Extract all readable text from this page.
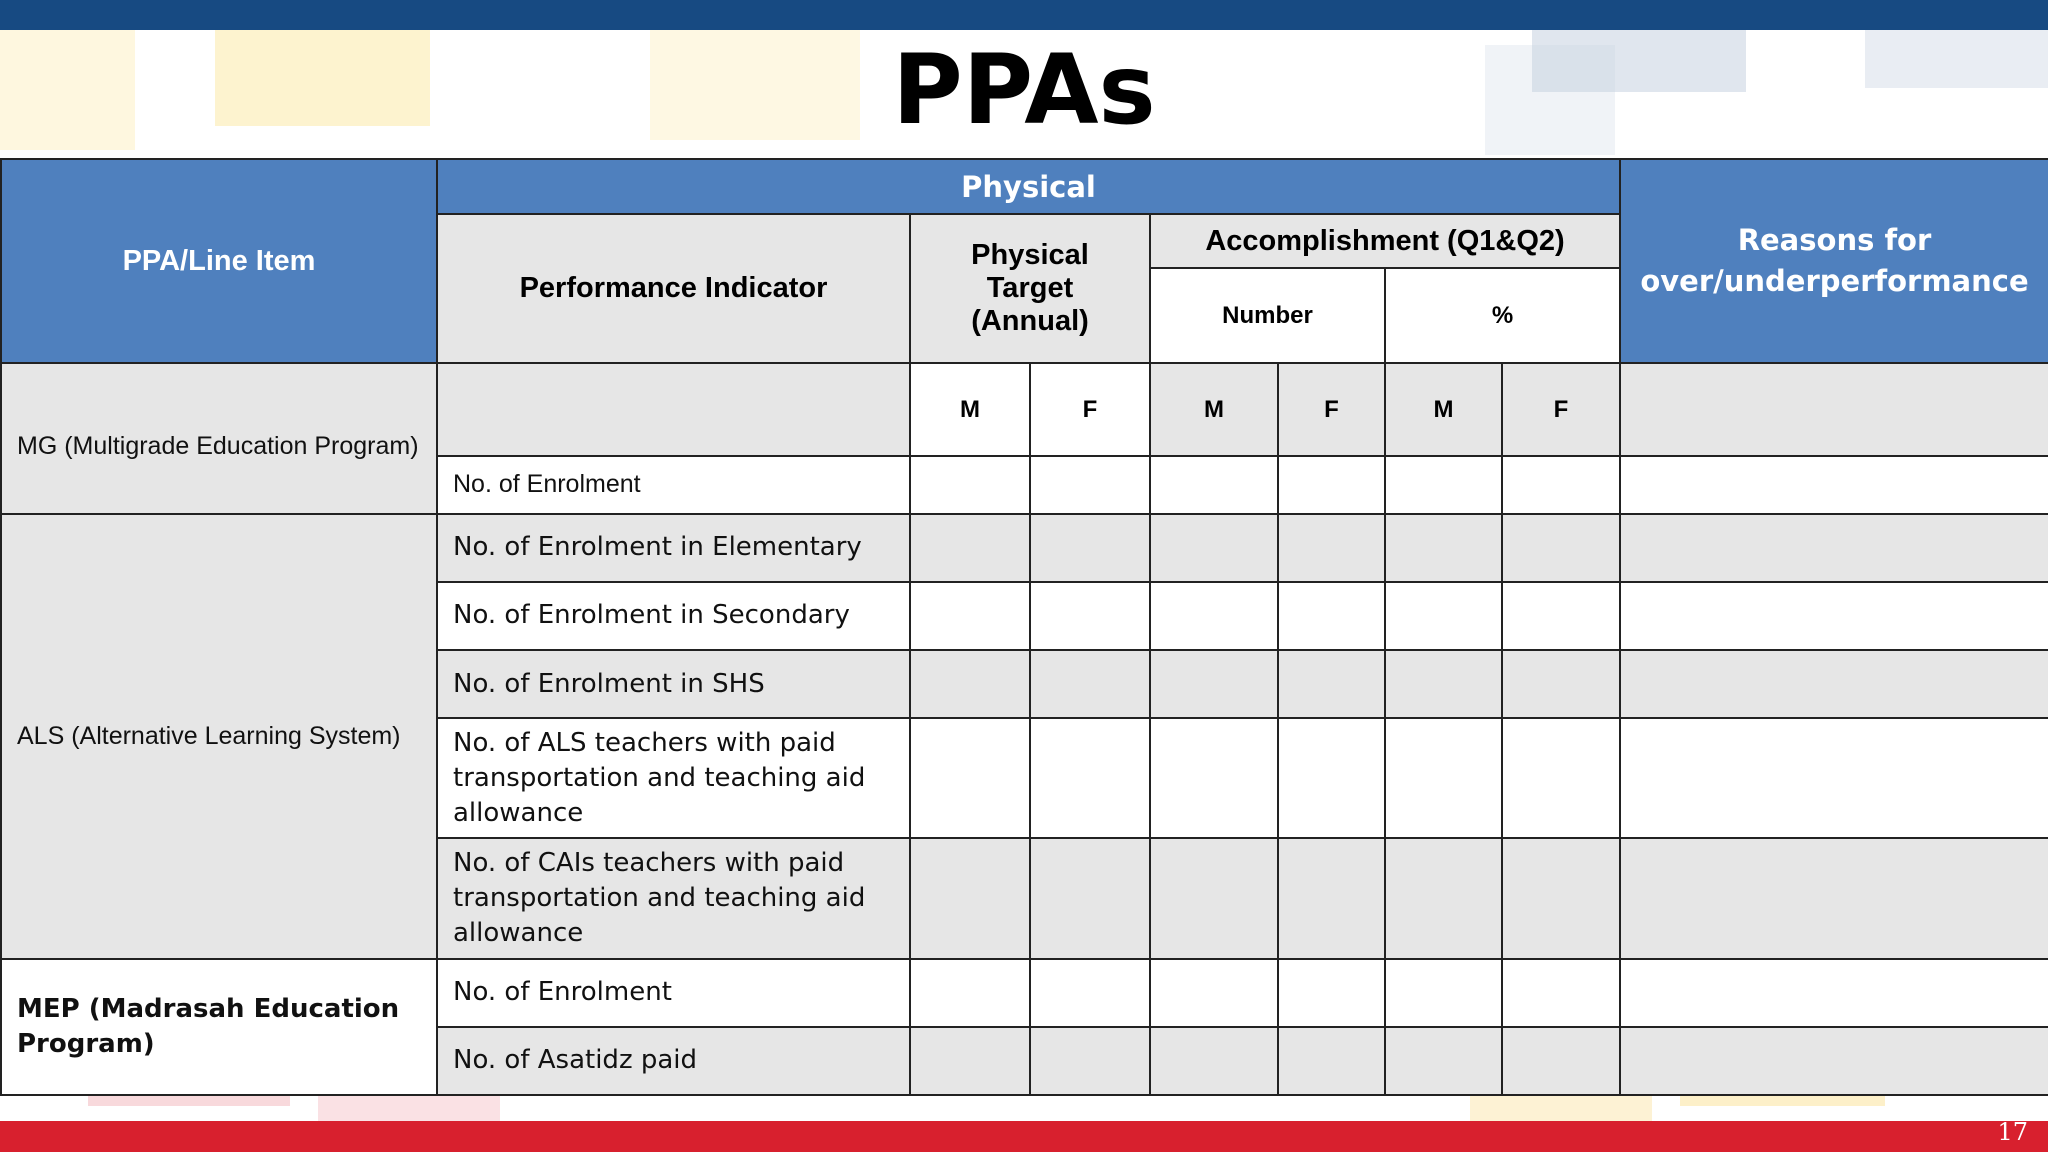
PPAs
PPA/Line Item	Physical							Reasons for over/underperformance
	Performance Indicator	Physical Target (Annual)		Accomplishment (Q1&Q2)				
				Number		%		
MG (Multigrade Education Program)		M	F	M	F	M	F	
	No. of Enrolment							
ALS (Alternative Learning System)	No. of Enrolment in Elementary							
	No. of Enrolment in Secondary							
	No. of Enrolment in SHS							
	No. of ALS teachers with paid transportation and teaching aid allowance							
	No. of CAIs teachers with paid transportation and teaching aid allowance							
MEP (Madrasah Education Program)	No. of Enrolment							
	No. of Asatidz paid							
17
